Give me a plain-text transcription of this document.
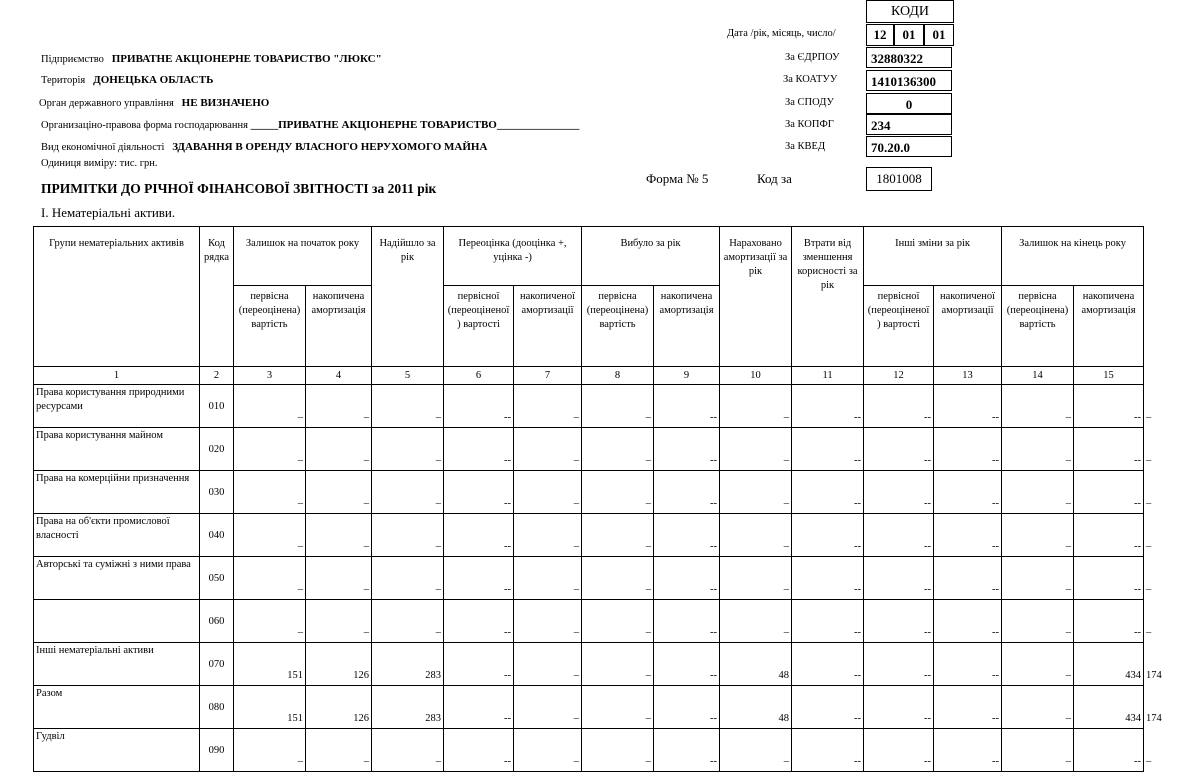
КОДИ
Дата /рік, місяць, число/	12	01	01
За ЄДРПОУ	32880322
За КОАТУУ	1410136300
За СПОДУ	0
За КОПФГ	234
За КВЕД	70.20.0
Підприємство ПРИВАТНЕ АКЦІОНЕРНЕ ТОВАРИСТВО "ЛЮКС"
Територія ДОНЕЦЬКА ОБЛАСТЬ
Орган державного управління НЕ ВИЗНАЧЕНО
Организаціно-правова форма господарювання _____ПРИВАТНЕ АКЦІОНЕРНЕ ТОВАРИСТВО_______________
Вид економічної діяльності ЗДАВАННЯ В ОРЕНДУ ВЛАСНОГО НЕРУХОМОГО МАЙНА
Одиниця виміру: тис. грн.
ПРИМІТКИ ДО РІЧНОЇ ФІНАНСОВОЇ ЗВІТНОСТІ за 2011 рік
Форма № 5	Код за	1801008
І. Нематеріальні активи.
Групи нематеріальних активів	Код рядка	Залишок на початок року		Надійшло за рік	Переоцінка (дооцінка +, уцінка -)		Вибуло за рік		Нараховано амортизації за рік	Втрати від зменшення корисності за рік	Інші зміни за рік		Залишок на кінець року		
		первісна (переоцінена) вартість	накопичена амортизація		первісної (переоціненої ) вартості	накопиченої амортизації	первісна (переоцінена) вартість	накопичена амортизація			первісної (переоціненої ) вартості	накопиченої амортизації	первісна (переоцінена) вартість	накопичена амортизація	
1	2	3	4	5	6	7	8	9	10	11	12	13	14	15	
Права користування природними ресурсами	010	–	–	–	--	–	–	--	–	--	--	--	–	--	–
Права користування майном	020	–	–	–	--	–	–	--	–	--	--	--	–	--	–
Права на комерційни призначення	030	–	–	–	--	–	–	--	–	--	--	--	–	--	–
Права на об'єкти промислової власності	040	–	–	–	--	–	–	--	–	--	--	--	–	--	–
Авторські та суміжні з ними права	050	–	–	–	--	–	–	--	–	--	--	--	–	--	–
	060	–	–	–	--	–	–	--	–	--	--	--	–	--	–
Інші нематеріальні активи	070	151	126	283	--	–	–	--	48	--	--	--	–	434	174
Разом	080	151	126	283	--	–	–	--	48	--	--	--	–	434	174
Гудвіл	090	–	–	–	--	–	–	--	–	--	--	--	–	--	–
